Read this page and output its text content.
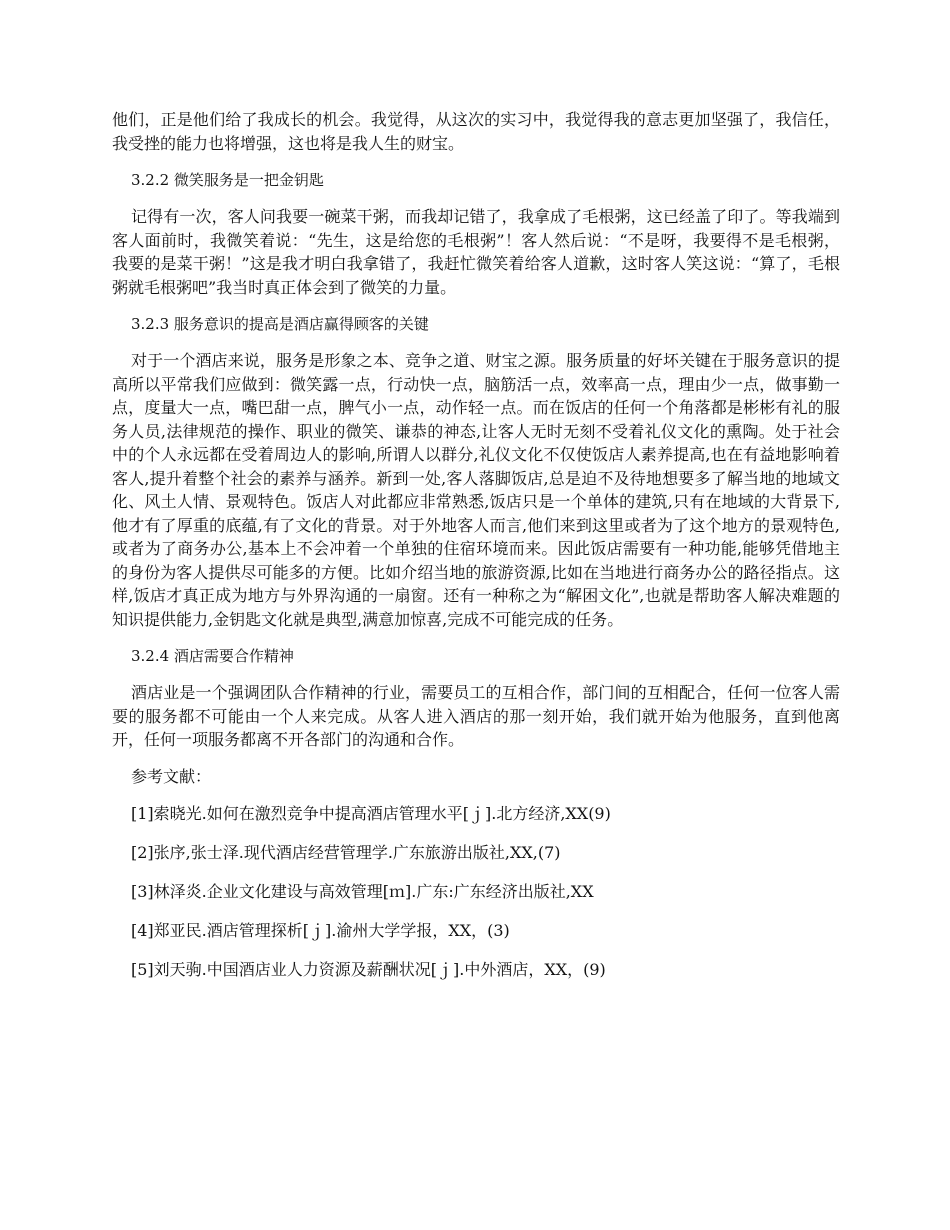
他们，正是他们给了我成长的机会。我觉得，从这次的实习中，我觉得我的意志更加坚强了，我信任，我受挫的能力也将增强，这也将是我人生的财宝。

3.2.2 微笑服务是一把金钥匙

记得有一次，客人问我要一碗菜干粥，而我却记错了，我拿成了毛根粥，这已经盖了印了。等我端到客人面前时，我微笑着说：“先生，这是给您的毛根粥”！客人然后说：“不是呀，我要得不是毛根粥，我要的是菜干粥！”这是我才明白我拿错了，我赶忙微笑着给客人道歉，这时客人笑这说：“算了，毛根粥就毛根粥吧”我当时真正体会到了微笑的力量。

3.2.3 服务意识的提高是酒店赢得顾客的关键

对于一个酒店来说，服务是形象之本、竞争之道、财宝之源。服务质量的好坏关键在于服务意识的提高所以平常我们应做到：微笑露一点，行动快一点，脑筋活一点，效率高一点，理由少一点，做事勤一点，度量大一点，嘴巴甜一点，脾气小一点，动作轻一点。而在饭店的任何一个角落都是彬彬有礼的服务人员,法律规范的操作、职业的微笑、谦恭的神态,让客人无时无刻不受着礼仪文化的熏陶。处于社会中的个人永远都在受着周边人的影响,所谓人以群分,礼仪文化不仅使饭店人素养提高,也在有益地影响着客人,提升着整个社会的素养与涵养。新到一处,客人落脚饭店,总是迫不及待地想要多了解当地的地域文化、风土人情、景观特色。饭店人对此都应非常熟悉,饭店只是一个单体的建筑,只有在地域的大背景下,他才有了厚重的底蕴,有了文化的背景。对于外地客人而言,他们来到这里或者为了这个地方的景观特色,或者为了商务办公,基本上不会冲着一个单独的住宿环境而来。因此饭店需要有一种功能,能够凭借地主的身份为客人提供尽可能多的方便。比如介绍当地的旅游资源,比如在当地进行商务办公的路径指点。这样,饭店才真正成为地方与外界沟通的一扇窗。还有一种称之为“解困文化”,也就是帮助客人解决难题的知识提供能力,金钥匙文化就是典型,满意加惊喜,完成不可能完成的任务。

3.2.4 酒店需要合作精神

酒店业是一个强调团队合作精神的行业，需要员工的互相合作，部门间的互相配合，任何一位客人需要的服务都不可能由一个人来完成。从客人进入酒店的那一刻开始，我们就开始为他服务，直到他离开，任何一项服务都离不开各部门的沟通和合作。

参考文献：
[1]索晓光.如何在激烈竞争中提高酒店管理水平[ｊ].北方经济,XX(9)
[2]张序,张士泽.现代酒店经营管理学.广东旅游出版社,XX,(7)
[3]林泽炎.企业文化建设与高效管理[ｍ].广东:广东经济出版社,XX
[4]郑亚民.酒店管理探析[ｊ].渝州大学学报，XX，(3)
[5]刘天驹.中国酒店业人力资源及薪酬状况[ｊ].中外酒店，XX，(9)
